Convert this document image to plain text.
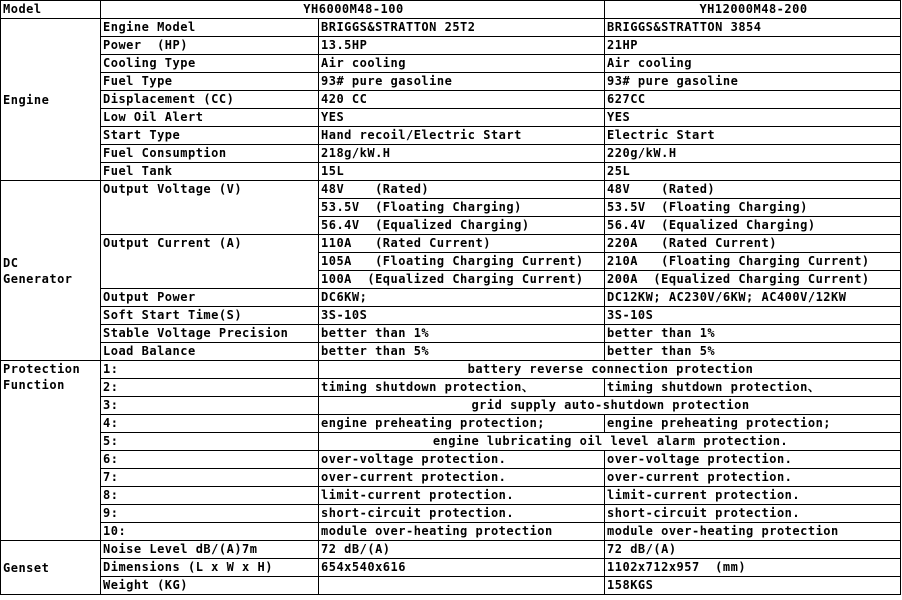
Model	YH6000M48-100		YH12000M48-200
Engine	Engine Model	BRIGGS&STRATTON 25T2	BRIGGS&STRATTON 3854
	Power  (HP)	13.5HP	21HP
	Cooling Type	Air cooling	Air cooling
	Fuel Type	93# pure gasoline	93# pure gasoline
	Displacement (CC)	420 CC	627CC
	Low Oil Alert	YES	YES
	Start Type	Hand recoil/Electric Start	Electric Start
	Fuel Consumption	218g/kW.H	220g/kW.H
	Fuel Tank	15L	25L
DC
Generator	Output Voltage (V)	48V    (Rated)	48V    (Rated)
		53.5V  (Floating Charging)	53.5V  (Floating Charging)
		56.4V  (Equalized Charging)	56.4V  (Equalized Charging)
	Output Current (A)	110A   (Rated Current)	220A   (Rated Current)
		105A   (Floating Charging Current)	210A   (Floating Charging Current)
		100A  (Equalized Charging Current)	200A  (Equalized Charging Current)
	Output Power	DC6KW;	DC12KW; AC230V/6KW; AC400V/12KW
	Soft Start Time(S)	3S-10S	3S-10S
	Stable Voltage Precision	better than 1%	better than 1%
	Load Balance	better than 5%	better than 5%
Protection
Function	1:	battery reverse connection protection	
	2:	timing shutdown protection、	timing shutdown protection、
	3:	grid supply auto-shutdown protection	
	4:	engine preheating protection;	engine preheating protection;
	5:	engine lubricating oil level alarm protection.	
	6:	over-voltage protection.	over-voltage protection.
	7:	over-current protection.	over-current protection.
	8:	limit-current protection.	limit-current protection.
	9:	short-circuit protection.	short-circuit protection.
	10:	module over-heating protection	module over-heating protection
Genset	Noise Level dB/(A)7m	72 dB/(A)	72 dB/(A)
	Dimensions (L x W x H)	654x540x616	1102x712x957  (mm)
	Weight (KG)		158KGS
